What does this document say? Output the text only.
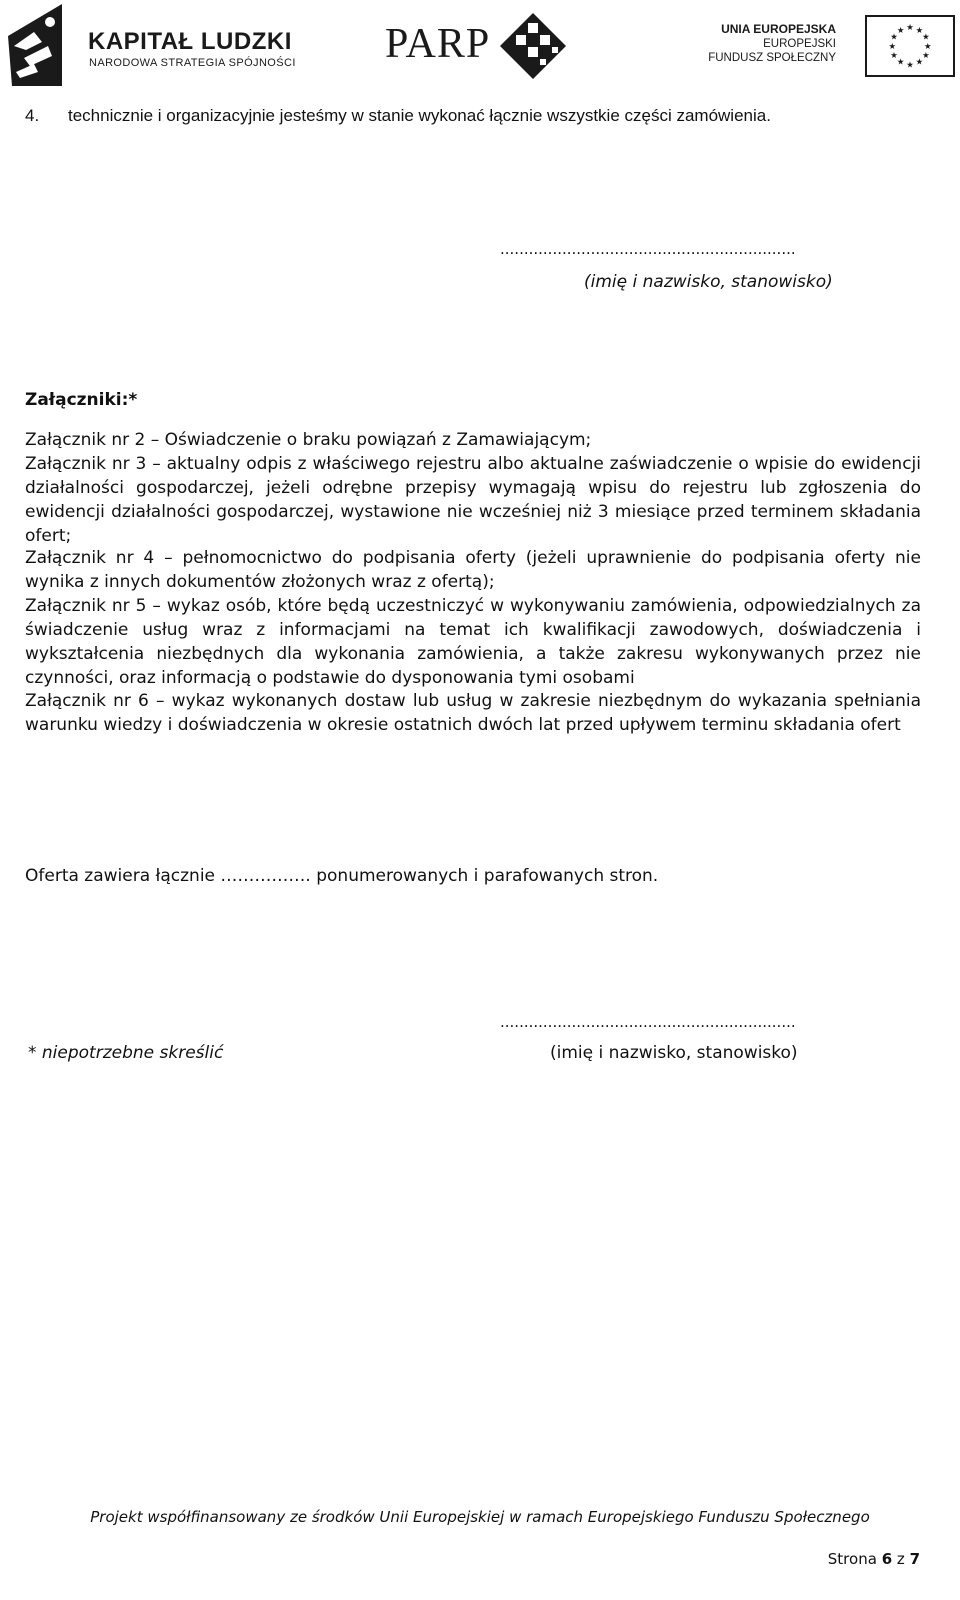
KAPITAŁ LUDZKI
NARODOWA STRATEGIA SPÓJNOŚCI PARP	UNIA EUROPEJSKA
EUROPEJSKI
FUNDUSZ SPOŁECZNY
★ ★
★
★
★
★
★
★
★
★
★
★
4. technicznie i organizacyjnie jesteśmy w stanie wykonać łącznie wszystkie części zamówienia.
..............................................................
(imię i nazwisko, stanowisko)
Załączniki:*
Załącznik nr 2 – Oświadczenie o braku powiązań z Zamawiającym;
Załącznik nr 3 – aktualny odpis z właściwego rejestru albo aktualne zaświadczenie o wpisie do ewidencji działalności gospodarczej, jeżeli odrębne przepisy wymagają wpisu do rejestru lub zgłoszenia do ewidencji działalności gospodarczej, wystawione nie wcześniej niż 3 miesiące przed terminem składania ofert;
Załącznik nr 4 – pełnomocnictwo do podpisania oferty (jeżeli uprawnienie do podpisania oferty nie wynika z innych dokumentów złożonych wraz z ofertą);
Załącznik nr 5 – wykaz osób, które będą uczestniczyć w wykonywaniu zamówienia, odpowiedzialnych za świadczenie usług wraz z informacjami na temat ich kwalifikacji zawodowych, doświadczenia i wykształcenia niezbędnych dla wykonania zamówienia, a także zakresu wykonywanych przez nie czynności, oraz informacją o podstawie do dysponowania tymi osobami
Załącznik nr 6 – wykaz wykonanych dostaw lub usług w zakresie niezbędnym do wykazania spełniania warunku wiedzy i doświadczenia w okresie ostatnich dwóch lat przed upływem terminu składania ofert
Oferta zawiera łącznie ……………. ponumerowanych i parafowanych stron.
..............................................................
* niepotrzebne skreślić	(imię i nazwisko, stanowisko)
Projekt współfinansowany ze środków Unii Europejskiej w ramach Europejskiego Funduszu Społecznego
Strona 6 z 7
